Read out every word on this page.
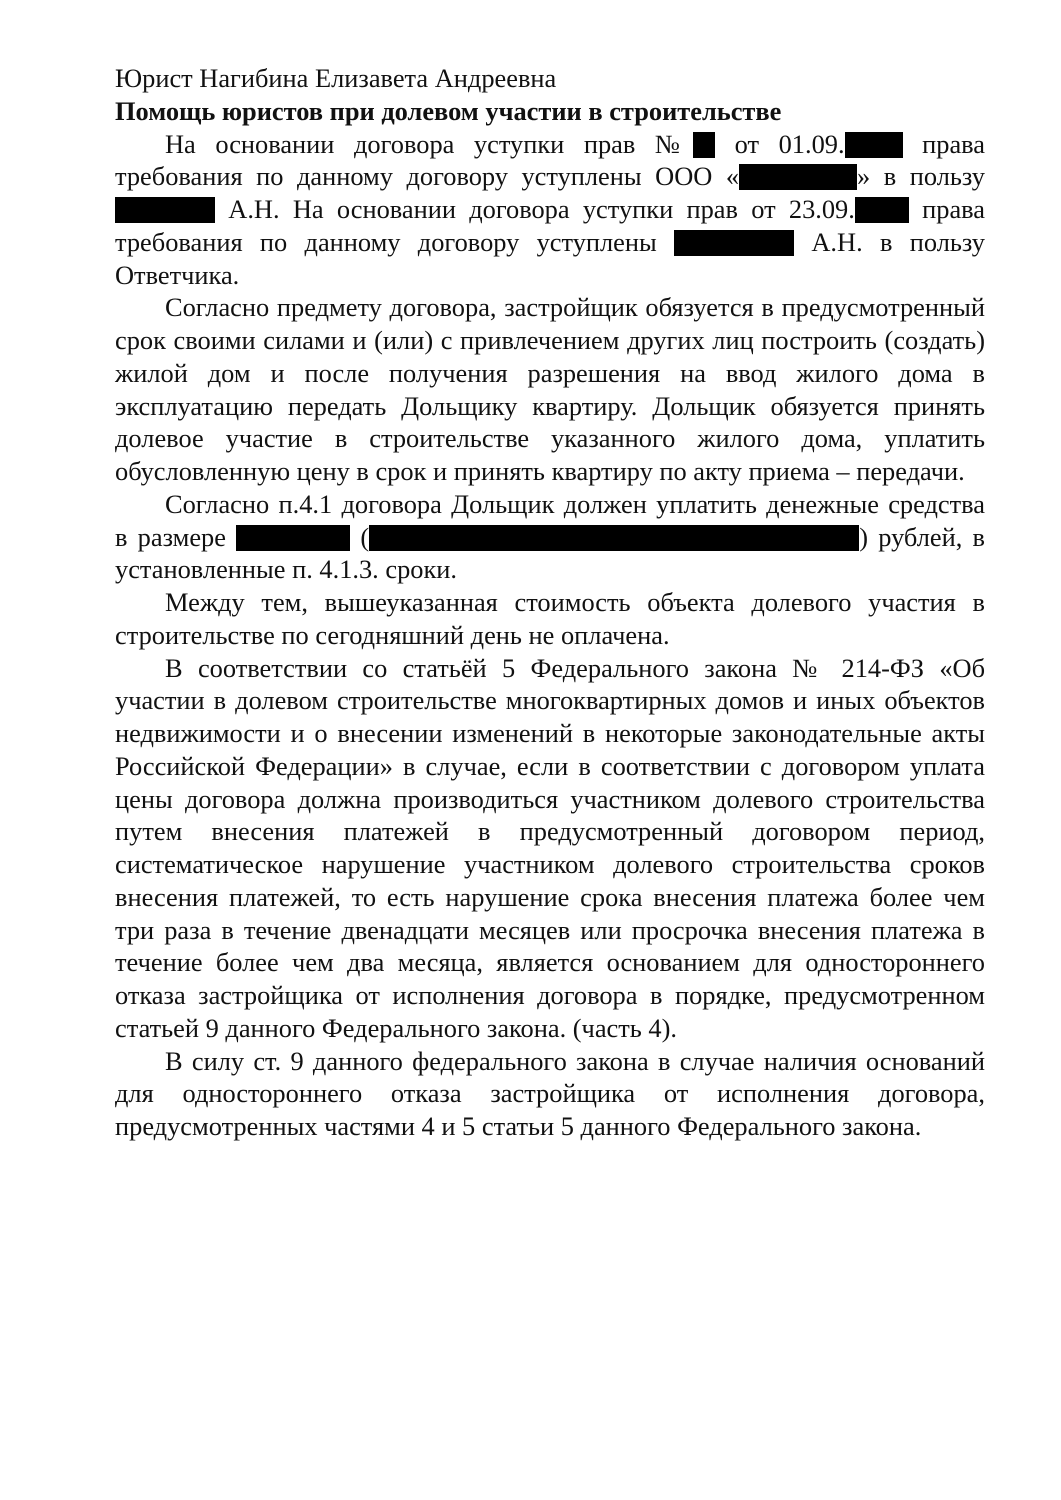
Юрист Нагибина Елизавета Андреевна
Помощь юристов при долевом участии в строительстве

На основании договора уступки прав № от 01.09. права требования по данному договору уступлены ООО «	» в пользу  А.Н. На основании договора уступки прав от 23.09. права требования по данному договору уступлены	А.Н. в пользу Ответчика.

Согласно предмету договора, застройщик обязуется в предусмотренный срок своими силами и (или) с привлечением других лиц построить (создать) жилой дом и после получения разрешения на ввод жилого дома в эксплуатацию передать Дольщику квартиру. Дольщик обязуется принять долевое участие в строительстве указанного жилого дома, уплатить обусловленную цену в срок и принять квартиру по акту приема – передачи.

Согласно п.4.1 договора Дольщик должен уплатить денежные средства в размере	(	) рублей, в установленные п. 4.1.3. сроки.

Между тем, вышеуказанная стоимость объекта долевого участия в строительстве по сегодняшний день не оплачена.

В соответствии со статьёй 5 Федерального закона № 214-ФЗ «Об участии в долевом строительстве многоквартирных домов и иных объектов недвижимости и о внесении изменений в некоторые законодательные акты Российской Федерации» в случае, если в соответствии с договором уплата цены договора должна производиться участником долевого строительства путем внесения платежей в предусмотренный договором период, систематическое нарушение участником долевого строительства сроков внесения платежей, то есть нарушение срока внесения платежа более чем три раза в течение двенадцати месяцев или просрочка внесения платежа в течение более чем два месяца, является основанием для одностороннего отказа застройщика от исполнения договора в порядке, предусмотренном статьей 9 данного Федерального закона. (часть 4).

В силу ст. 9 данного федерального закона в случае наличия оснований для одностороннего отказа застройщика от исполнения договора, предусмотренных частями 4 и 5 статьи 5 данного Федерального закона.
